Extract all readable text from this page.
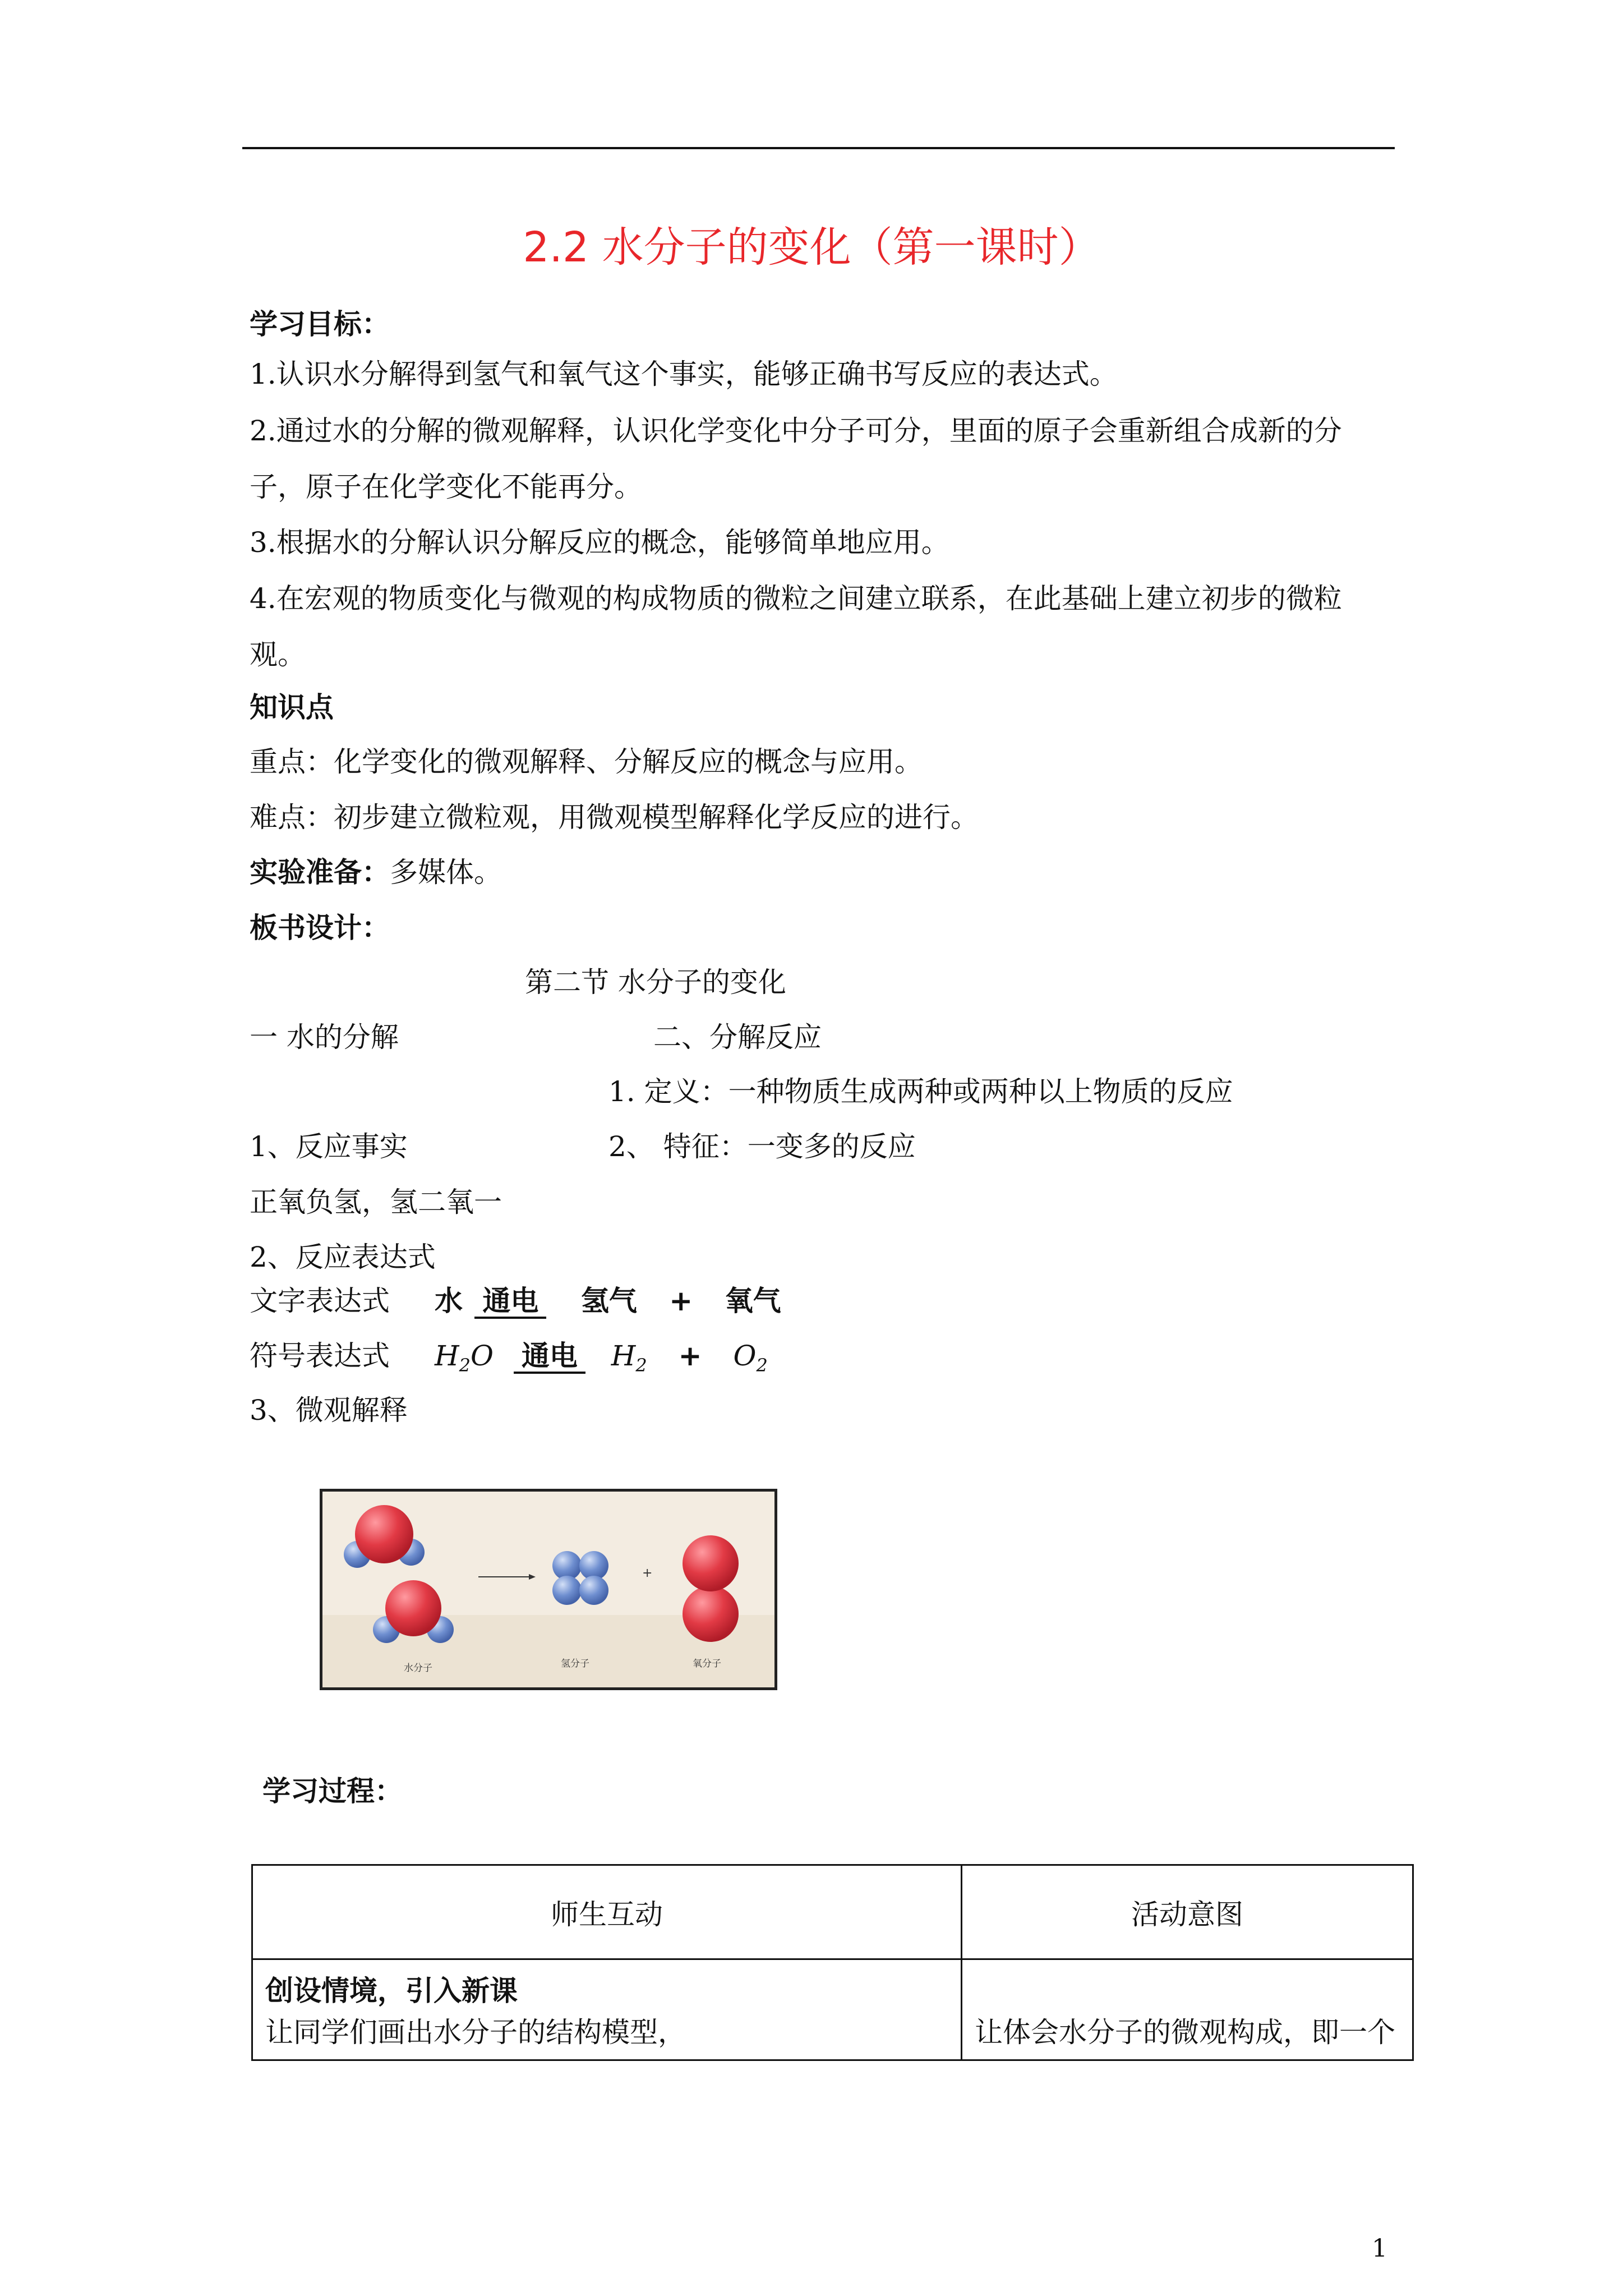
2.2 水分子的变化（第一课时）
学习目标：
1.认识水分解得到氢气和氧气这个事实，能够正确书写反应的表达式。
2.通过水的分解的微观解释，认识化学变化中分子可分，里面的原子会重新组合成新的分子，原子在化学变化不能再分。
3.根据水的分解认识分解反应的概念，能够简单地应用。
4.在宏观的物质变化与微观的构成物质的微粒之间建立联系，在此基础上建立初步的微粒观。
知识点
重点：化学变化的微观解释、分解反应的概念与应用。
难点：初步建立微粒观，用微观模型解释化学反应的进行。
实验准备：多媒体。
板书设计：
第二节 水分子的变化
一 水的分解	二、分解反应
1. 定义：一种物质生成两种或两种以上物质的反应
1、反应事实	2、 特征：一变多的反应
正氧负氢，氢二氧一
2、反应表达式
文字表达式 水 通电 氢气 + 氧气
符号表达式 $H_2O$ 通电 $H_2 + O_2$
3、微观解释
+
水分子	氢分子	氧分子
学习过程：
师生互动	活动意图

创设情境，引入新课
让同学们画出水分子的结构模型，	让体会水分子的微观构成，即一个
1
